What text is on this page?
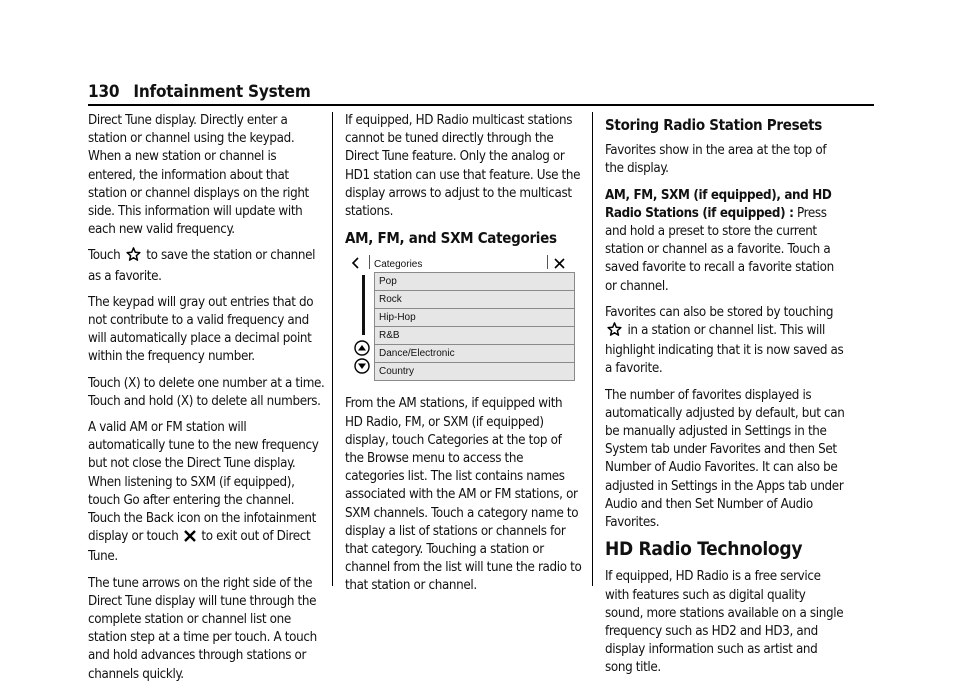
130 Infotainment System

Direct Tune display. Directly enter a station or channel using the keypad. When a new station or channel is entered, the information about that station or channel displays on the right side. This information will update with each new valid frequency.

Touch to save the station or channel as a favorite.

The keypad will gray out entries that do not contribute to a valid frequency and will automatically place a decimal point within the frequency number.

Touch (X) to delete one number at a time. Touch and hold (X) to delete all numbers.

A valid AM or FM station will automatically tune to the new frequency but not close the Direct Tune display. When listening to SXM (if equipped), touch Go after entering the channel. Touch the Back icon on the infotainment display or touch to exit out of Direct Tune.

The tune arrows on the right side of the Direct Tune display will tune through the complete station or channel list one station step at a time per touch. A touch and hold advances through stations or channels quickly.

If equipped, HD Radio multicast stations cannot be tuned directly through the Direct Tune feature. Only the analog or HD1 station can use that feature. Use the display arrows to adjust to the multicast stations.

AM, FM, and SXM Categories
Categories
Pop
Rock
Hip-Hop
R&B
Dance/Electronic
Country

From the AM stations, if equipped with HD Radio, FM, or SXM (if equipped) display, touch Categories at the top of the Browse menu to access the categories list. The list contains names associated with the AM or FM stations, or SXM channels. Touch a category name to display a list of stations or channels for that category. Touching a station or channel from the list will tune the radio to that station or channel.

Storing Radio Station Presets

Favorites show in the area at the top of the display.

AM, FM, SXM (if equipped), and HD Radio Stations (if equipped) : Press and hold a preset to store the current station or channel as a favorite. Touch a saved favorite to recall a favorite station or channel.

Favorites can also be stored by touching  in a station or channel list. This will highlight indicating that it is now saved as a favorite.

The number of favorites displayed is automatically adjusted by default, but can be manually adjusted in Settings in the System tab under Favorites and then Set Number of Audio Favorites. It can also be adjusted in Settings in the Apps tab under Audio and then Set Number of Audio Favorites.

HD Radio Technology

If equipped, HD Radio is a free service with features such as digital quality sound, more stations available on a single frequency such as HD2 and HD3, and display information such as artist and song title.
